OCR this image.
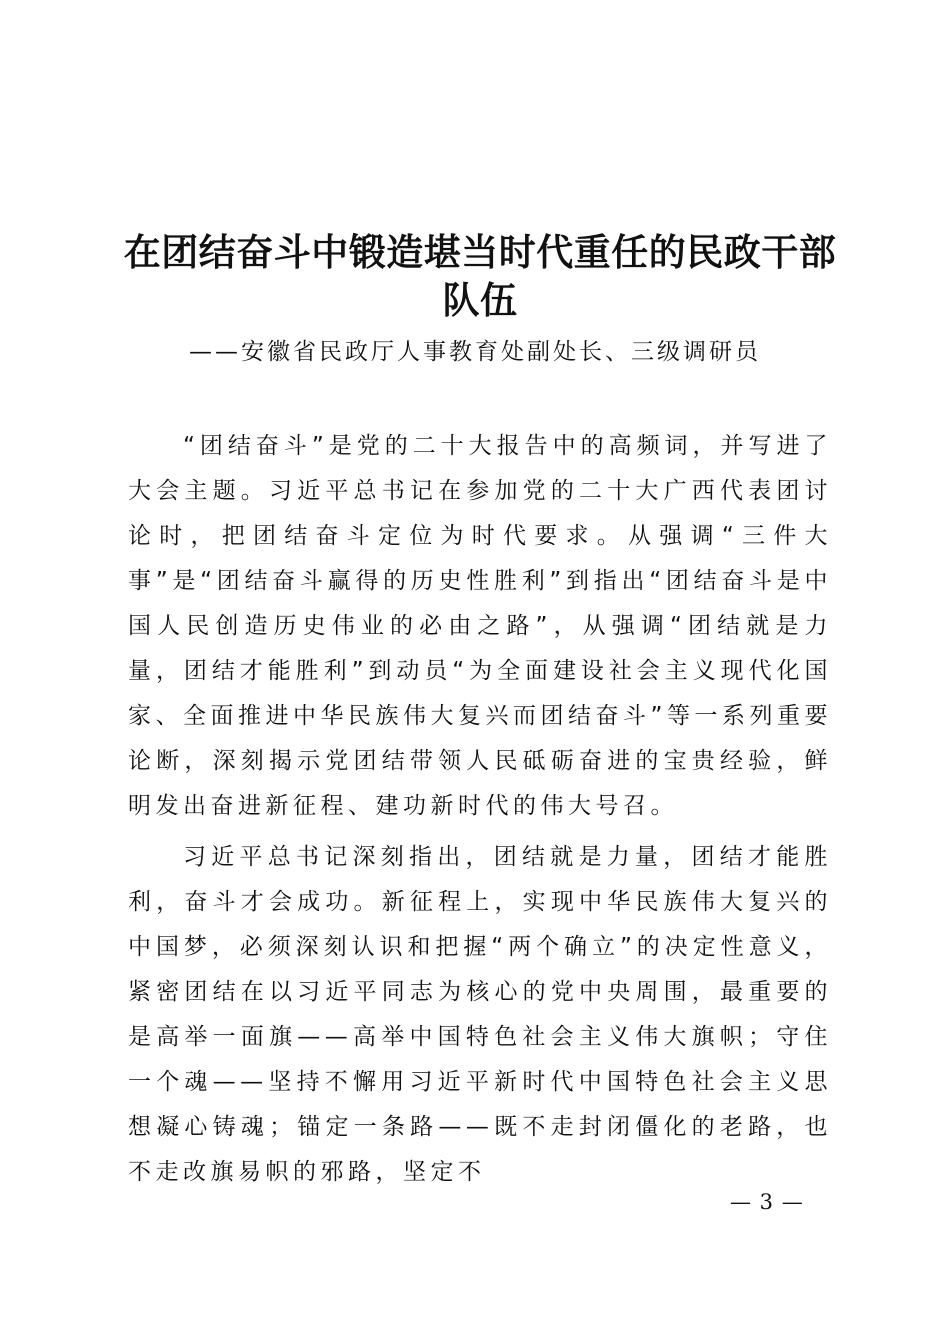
在团结奋斗中锻造堪当时代重任的民政干部队伍

——安徽省民政厅人事教育处副处长、三级调研员

“团结奋斗”是党的二十大报告中的高频词，并写进了大会主题。习近平总书记在参加党的二十大广西代表团讨论时，把团结奋斗定位为时代要求。从强调“三件大事”是“团结奋斗赢得的历史性胜利”到指出“团结奋斗是中国人民创造历史伟业的必由之路”，从强调“团结就是力量，团结才能胜利”到动员“为全面建设社会主义现代化国家、全面推进中华民族伟大复兴而团结奋斗”等一系列重要论断，深刻揭示党团结带领人民砥砺奋进的宝贵经验，鲜明发出奋进新征程、建功新时代的伟大号召。

习近平总书记深刻指出，团结就是力量，团结才能胜利，奋斗才会成功。新征程上，实现中华民族伟大复兴的中国梦，必须深刻认识和把握“两个确立”的决定性意义，紧密团结在以习近平同志为核心的党中央周围，最重要的是高举一面旗——高举中国特色社会主义伟大旗帜；守住一个魂——坚持不懈用习近平新时代中国特色社会主义思想凝心铸魂；锚定一条路——既不走封闭僵化的老路，也不走改旗易帜的邪路，坚定不

— 3 —
